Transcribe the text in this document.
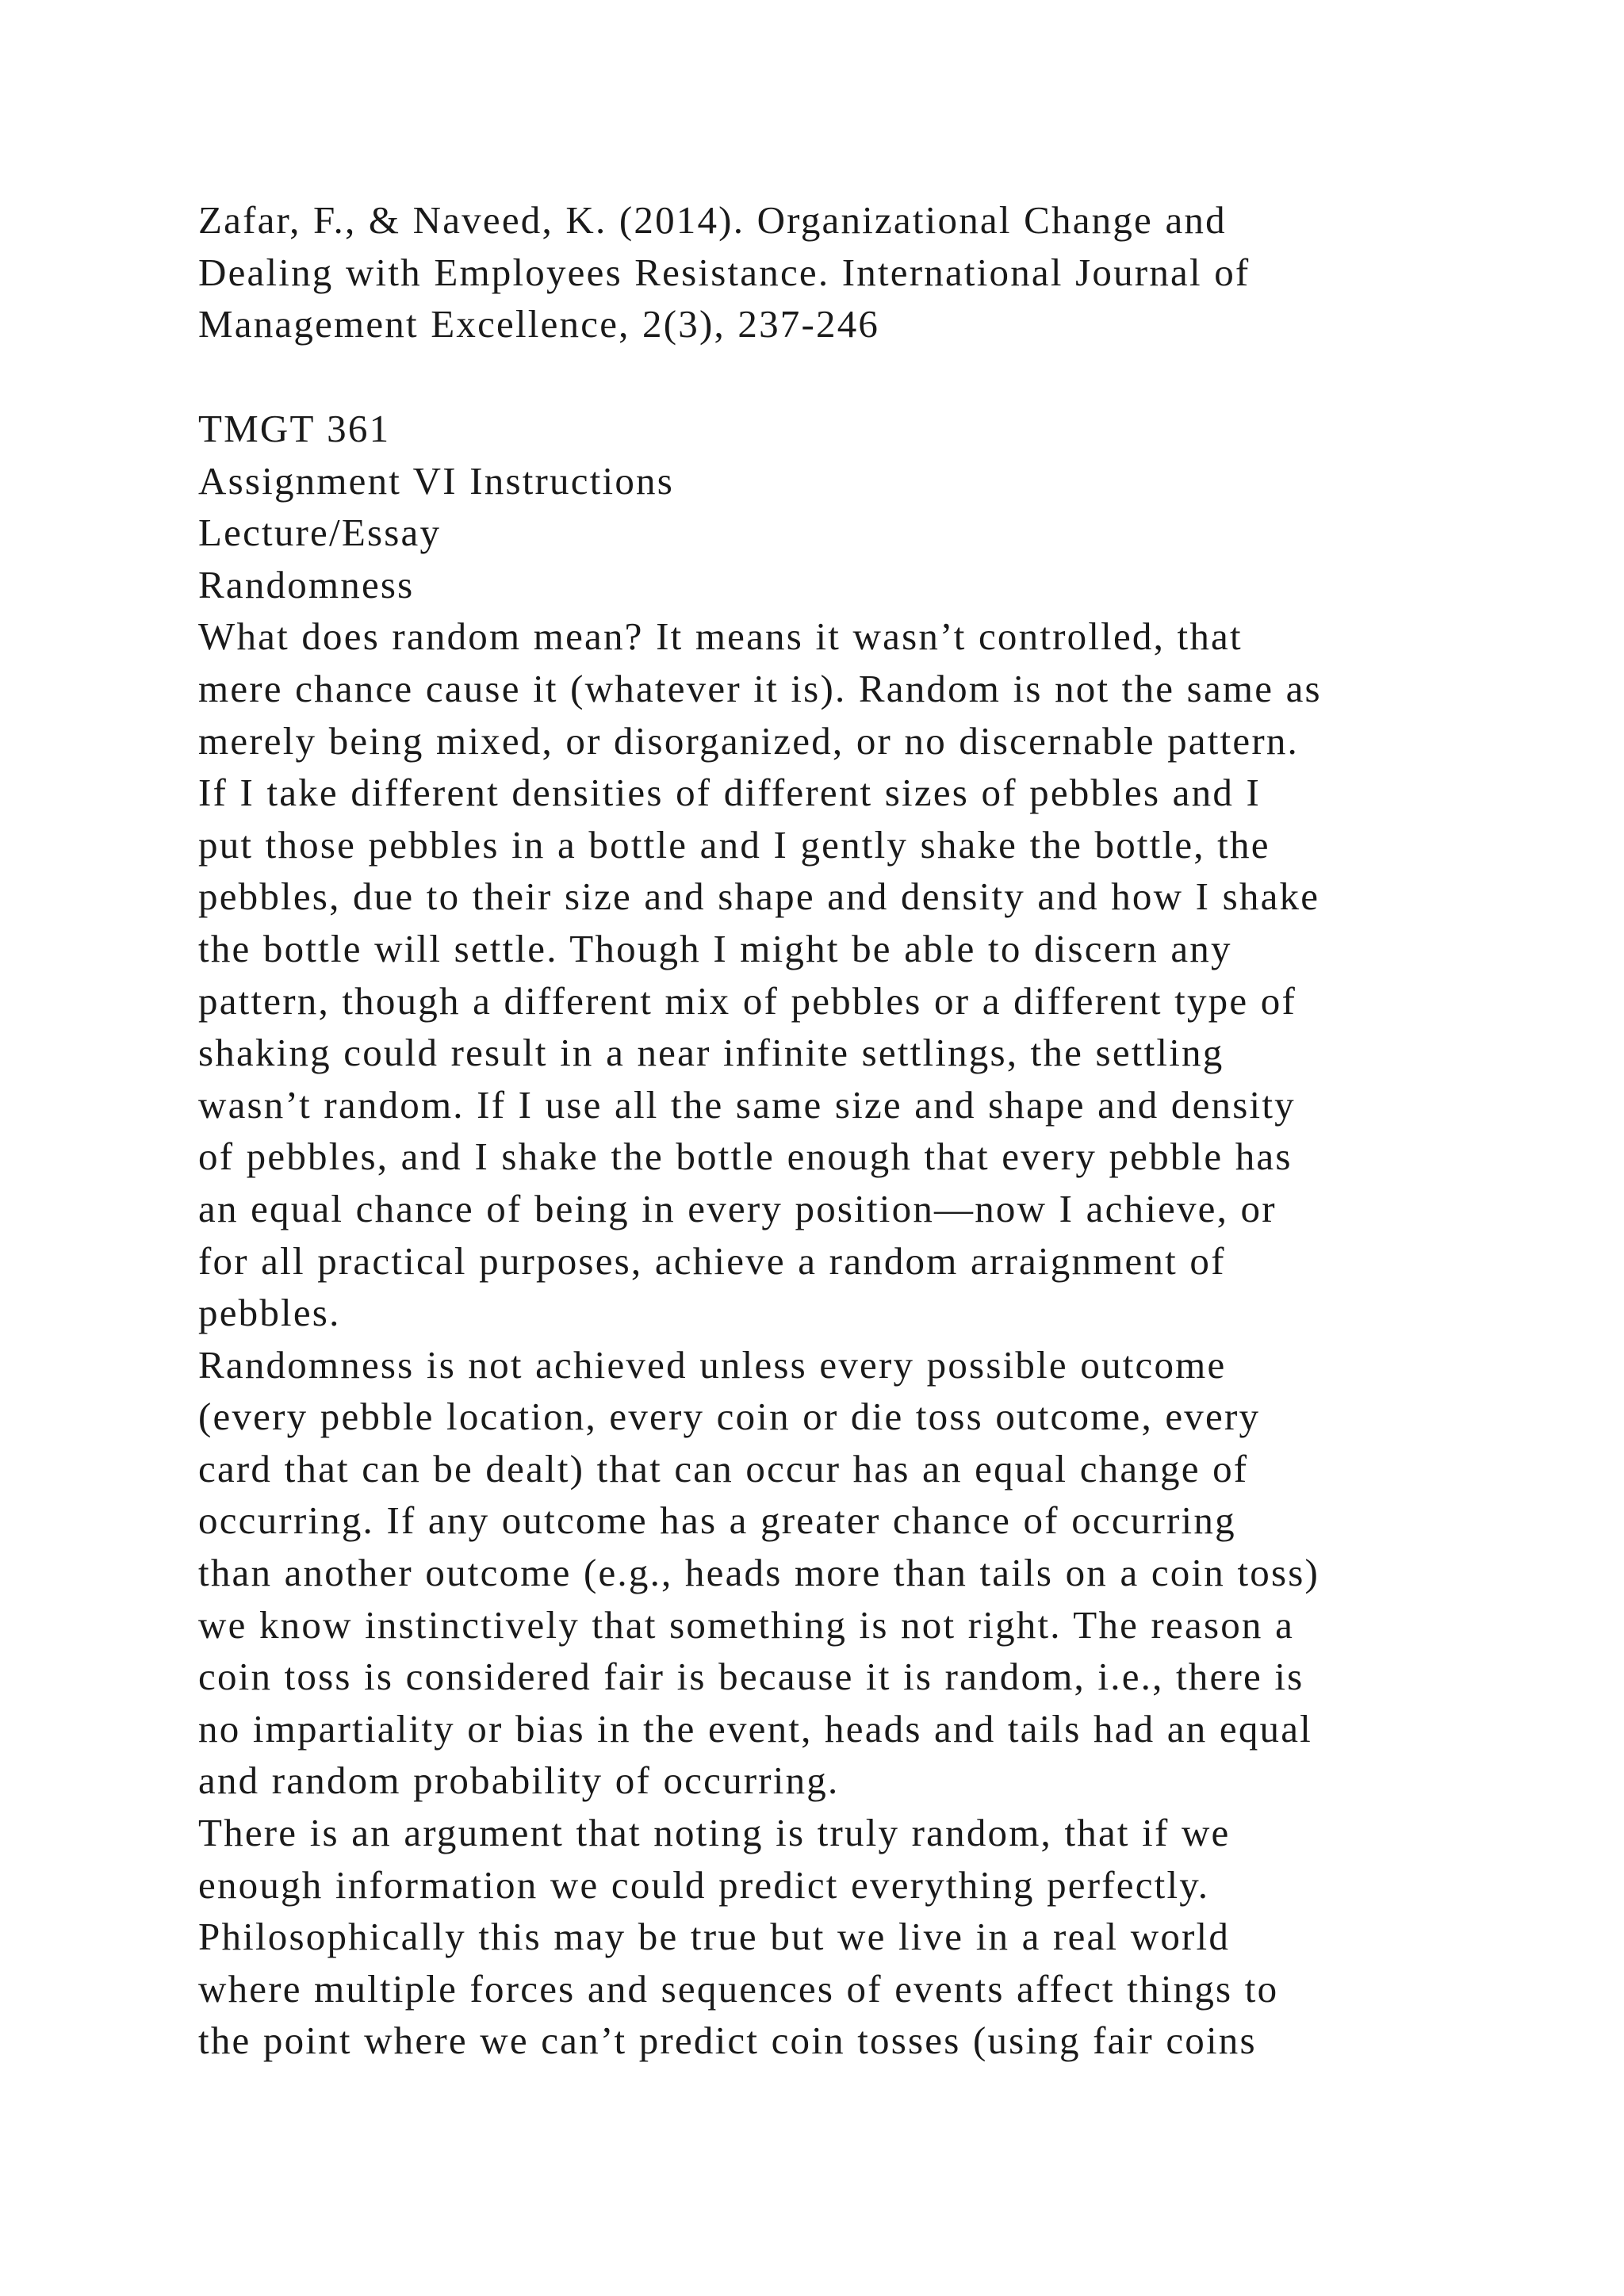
Zafar, F., & Naveed, K. (2014). Organizational Change and
Dealing with Employees Resistance. International Journal of
Management Excellence, 2(3), 237-246
TMGT 361
Assignment VI Instructions
Lecture/Essay
Randomness
What does random mean? It means it wasn’t controlled, that
mere chance cause it (whatever it is). Random is not the same as
merely being mixed, or disorganized, or no discernable pattern.
If I take different densities of different sizes of pebbles and I
put those pebbles in a bottle and I gently shake the bottle, the
pebbles, due to their size and shape and density and how I shake
the bottle will settle. Though I might be able to discern any
pattern, though a different mix of pebbles or a different type of
shaking could result in a near infinite settlings, the settling
wasn’t random. If I use all the same size and shape and density
of pebbles, and I shake the bottle enough that every pebble has
an equal chance of being in every position—now I achieve, or
for all practical purposes, achieve a random arraignment of
pebbles.
Randomness is not achieved unless every possible outcome
(every pebble location, every coin or die toss outcome, every
card that can be dealt) that can occur has an equal change of
occurring. If any outcome has a greater chance of occurring
than another outcome (e.g., heads more than tails on a coin toss)
we know instinctively that something is not right. The reason a
coin toss is considered fair is because it is random, i.e., there is
no impartiality or bias in the event, heads and tails had an equal
and random probability of occurring.
There is an argument that noting is truly random, that if we
enough information we could predict everything perfectly.
Philosophically this may be true but we live in a real world
where multiple forces and sequences of events affect things to
the point where we can’t predict coin tosses (using fair coins
